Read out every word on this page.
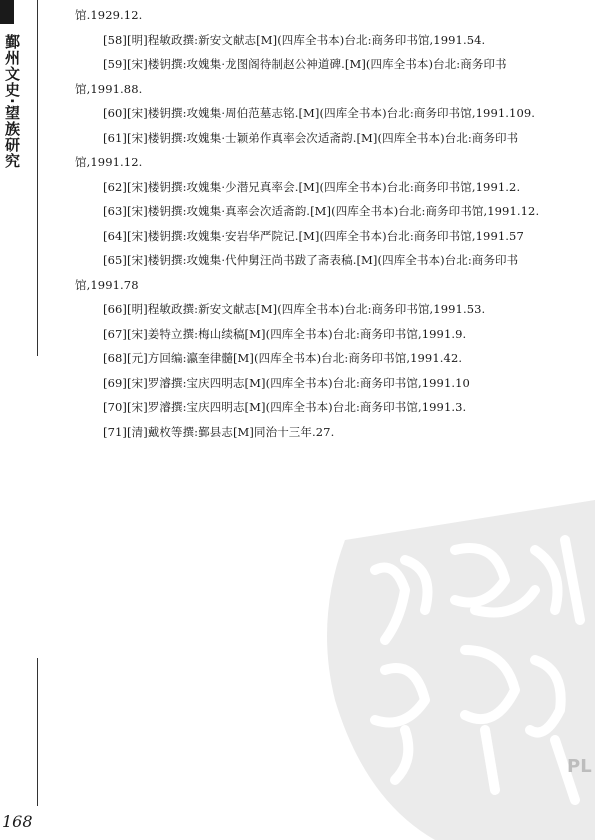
鄞州文史·望族研究
168

馆.1929.12.

[58][明]程敏政撰:新安文献志[M](四库全书本)台北:商务印书馆,1991.54.

[59][宋]楼钥撰:攻媿集·龙图阁待制赵公神道碑.[M](四库全书本)台北:商务印书馆,1991.88.

[60][宋]楼钥撰:攻媿集·周伯范墓志铭.[M](四库全书本)台北:商务印书馆,1991.109.

[61][宋]楼钥撰:攻媿集·士颖弟作真率会次适斋韵.[M](四库全书本)台北:商务印书馆,1991.12.

[62][宋]楼钥撰:攻媿集·少潜兄真率会.[M](四库全书本)台北:商务印书馆,1991.2.

[63][宋]楼钥撰:攻媿集·真率会次适斋韵.[M](四库全书本)台北:商务印书馆,1991.12.

[64][宋]楼钥撰:攻媿集·安岩华严院记.[M](四库全书本)台北:商务印书馆,1991.57

[65][宋]楼钥撰:攻媿集·代仲舅汪尚书跋了斋表稿.[M](四库全书本)台北:商务印书馆,1991.78

[66][明]程敏政撰:新安文献志[M](四库全书本)台北:商务印书馆,1991.53.

[67][宋]姜特立撰:梅山续稿[M](四库全书本)台北:商务印书馆,1991.9.

[68][元]方回编:瀛奎律髓[M](四库全书本)台北:商务印书馆,1991.42.

[69][宋]罗濬撰:宝庆四明志[M](四库全书本)台北:商务印书馆,1991.10

[70][宋]罗濬撰:宝庆四明志[M](四库全书本)台北:商务印书馆,1991.3.

[71][清]戴枚等撰:鄞县志[M]同治十三年.27.

PL
